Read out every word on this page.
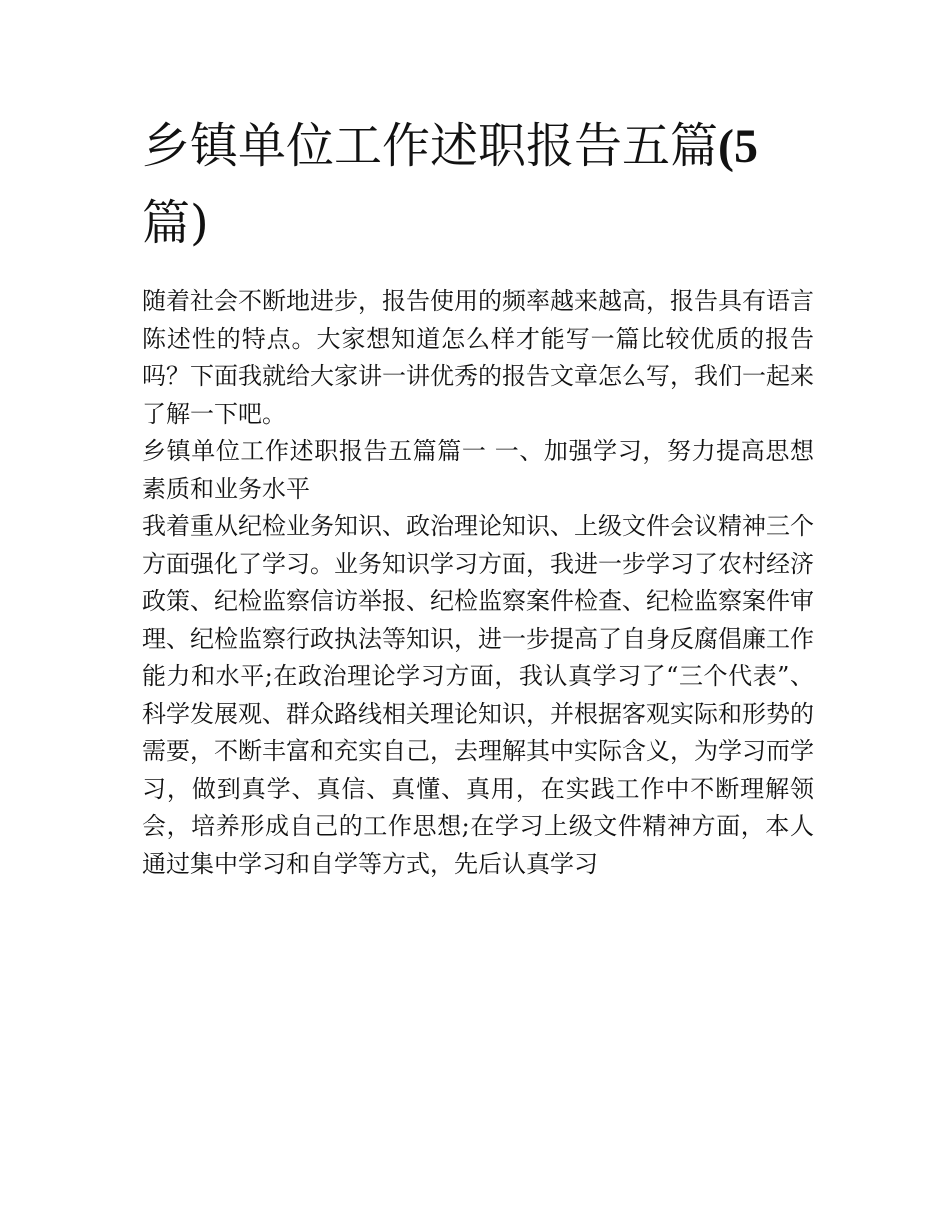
乡镇单位工作述职报告五篇(5
篇)

随着社会不断地进步，报告使用的频率越来越高，报告具有语言陈述性的特点。大家想知道怎么样才能写一篇比较优质的报告吗？下面我就给大家讲一讲优秀的报告文章怎么写，我们一起来了解一下吧。

乡镇单位工作述职报告五篇篇一 一、加强学习，努力提高思想素质和业务水平

我着重从纪检业务知识、政治理论知识、上级文件会议精神三个方面强化了学习。业务知识学习方面，我进一步学习了农村经济政策、纪检监察信访举报、纪检监察案件检查、纪检监察案件审理、纪检监察行政执法等知识，进一步提高了自身反腐倡廉工作能力和水平;在政治理论学习方面，我认真学习了“三个代表”、科学发展观、群众路线相关理论知识，并根据客观实际和形势的需要，不断丰富和充实自己，去理解其中实际含义，为学习而学习，做到真学、真信、真懂、真用，在实践工作中不断理解领会，培养形成自己的工作思想;在学习上级文件精神方面，本人通过集中学习和自学等方式，先后认真学习
